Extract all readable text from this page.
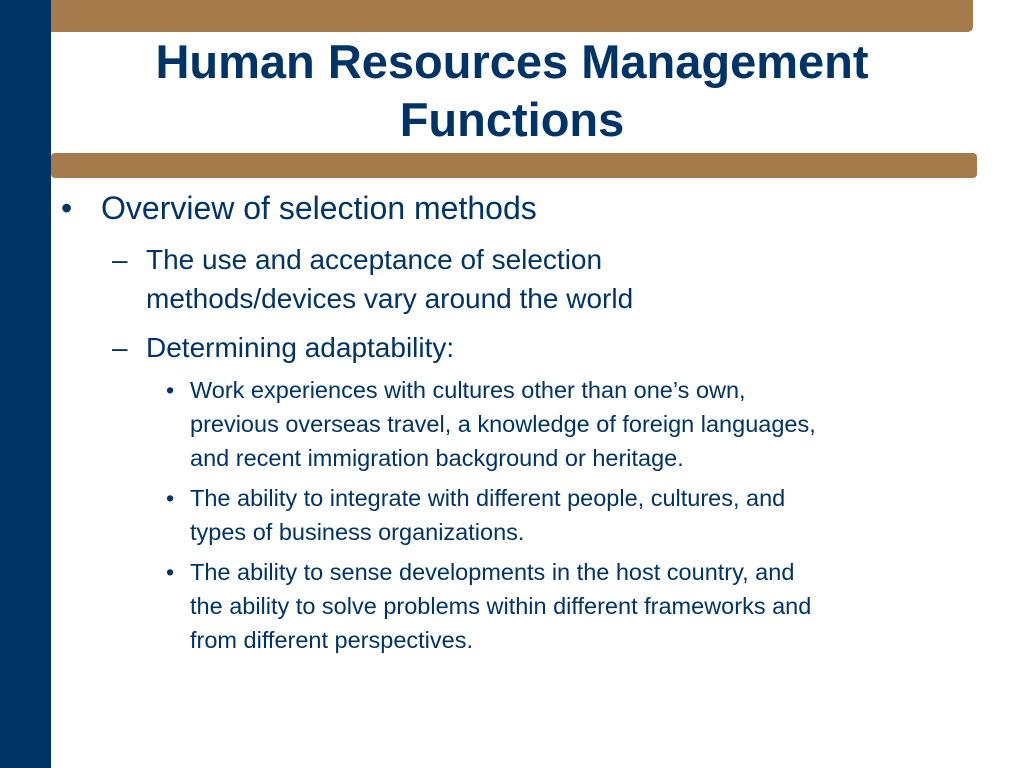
Human Resources Management
Functions
• Overview of selection methods
– The use and acceptance of selection
methods/devices vary around the world
– Determining adaptability:
• Work experiences with cultures other than one’s own,
previous overseas travel, a knowledge of foreign languages,
and recent immigration background or heritage.
• The ability to integrate with different people, cultures, and
types of business organizations.
• The ability to sense developments in the host country, and
the ability to solve problems within different frameworks and
from different perspectives.
